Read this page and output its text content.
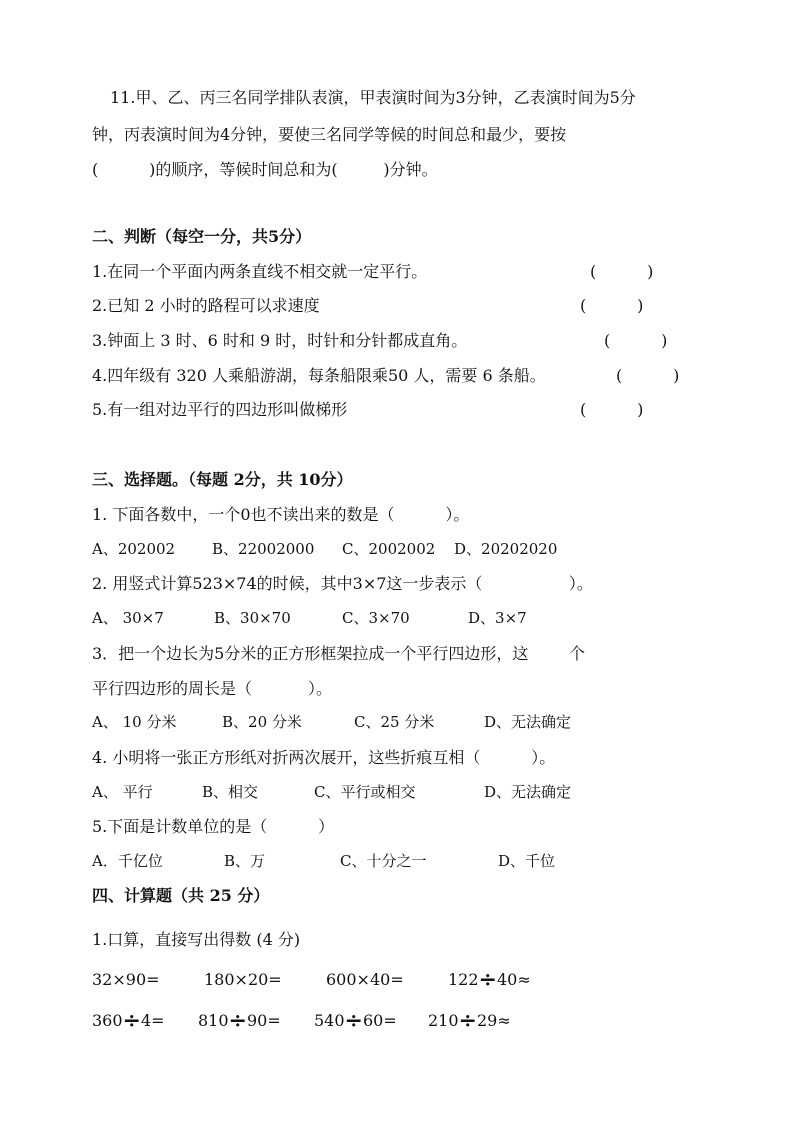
11.甲、乙、丙三名同学排队表演，甲表演时间为3分钟，乙表演时间为5分
钟，丙表演时间为4分钟，要使三名同学等候的时间总和最少，要按
(          )的顺序，等候时间总和为(         )分钟。
二、判断（每空一分，共5分）
1.在同一个平面内两条直线不相交就一定平行。	(          )
2.已知 2 小时的路程可以求速度	(          )
3.钟面上 3 时、6 时和 9 时，时针和分针都成直角。	(          )
4.四年级有 320 人乘船游湖，每条船限乘50 人，需要 6 条船。	(          )
5.有一组对边平行的四边形叫做梯形	(          )
三、选择题。（每题 2分，共 10分）
1. 下面各数中，一个0也不读出来的数是（          ）。
A、202002 B、22002000 C、2002002 D、20202020
2. 用竖式计算523×74的时候，其中3×7这一步表示（                 ）。
A、 30×7	B、30×70	C、3×70	D、3×7
3．把一个边长为5分米的正方形框架拉成一个平行四边形，这        个
平行四边形的周长是（           ）。
A、 10 分米	B、20 分米	C、25 分米	D、无法确定
4. 小明将一张正方形纸对折两次展开，这些折痕互相（          ）。
A、 平行	B、相交	C、平行或相交	D、无法确定
5.下面是计数单位的是（          ）
A．千亿位	B、万	C、十分之一	D、千位
四、计算题（共 25 分）
1.口算，直接写出得数 (4 分)
32×90=	180×20=	600×40=	122÷40≈
360÷4= 810÷90= 540÷60= 210÷29≈
